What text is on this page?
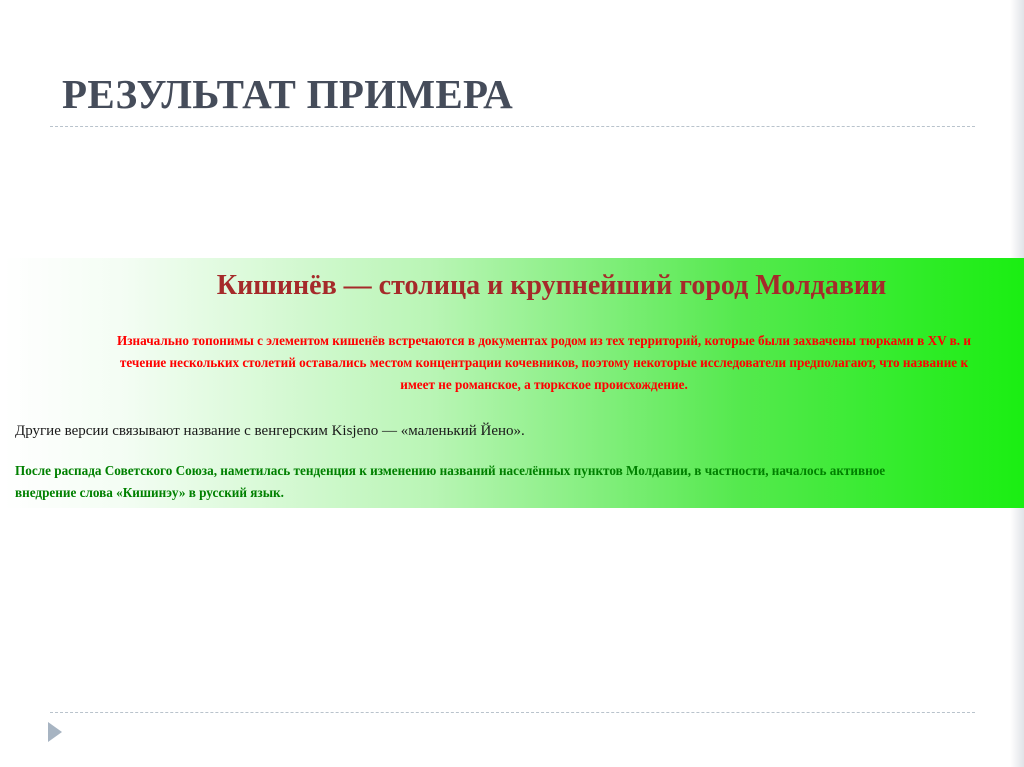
РЕЗУЛЬТАТ ПРИМЕРА
Кишинёв — столица и крупнейший город Молдавии

Изначально топонимы с элементом кишенёв встречаются в документах родом из тех территорий, которые были захвачены тюрками в XV в. и
течение нескольких столетий оставались местом концентрации кочевников, поэтому некоторые исследователи предполагают, что название к
имеет не романское, а тюркское происхождение.

Другие версии связывают название с венгерским Kisjeno — «маленький Йено».

После распада Советского Союза, наметилась тенденция к изменению названий населённых пунктов Молдавии, в частности, началось активное
внедрение слова «Кишинэу» в русский язык.
